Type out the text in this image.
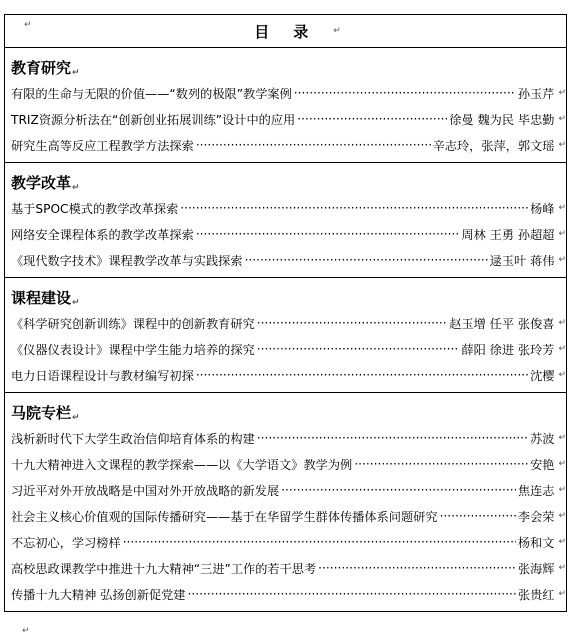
↵	目录 ↵
教育研究 ↵
有限的生命与无限的价值——“数列的极限”教学案例 ·····	孙玉芹 ↵
TRIZ资源分析法在“创新创业拓展训练”设计中的应用 ·····	徐曼 魏为民 毕忠勤 ↵
研究生高等反应工程教学方法探索 ·····	辛志玲，张萍，郭文瑶 ↵
教学改革 ↵
基于SPOC模式的教学改革探索 ·····	杨峰 ↵
网络安全课程体系的教学改革探索 ·····	周林 王勇 孙超超 ↵
《现代数字技术》课程教学改革与实践探索 ·····	逯玉叶 蒋伟 ↵
课程建设 ↵
《科学研究创新训练》课程中的创新教育研究 ·····	赵玉增 任平 张俊喜 ↵
《仪器仪表设计》课程中学生能力培养的探究 ·····	薛阳 徐进 张玲芳 ↵
电力日语课程设计与教材编写初探 ·····	沈樱 ↵
马院专栏 ↵
浅析新时代下大学生政治信仰培育体系的构建 ·····	苏波 ↵
十九大精神进入文课程的教学探索——以《大学语文》教学为例 ·····	安艳 ↵
习近平对外开放战略是中国对外开放战略的新发展 ·····	焦连志 ↵
社会主义核心价值观的国际传播研究——基于在华留学生群体传播体系问题研究 ·····	李会荣 ↵
不忘初心，学习榜样 ·····	杨和文 ↵
高校思政课教学中推进十九大精神“三进”工作的若干思考 ·····	张海辉 ↵
传播十九大精神 弘扬创新促党建 ·····	张贵红 ↵
↵
